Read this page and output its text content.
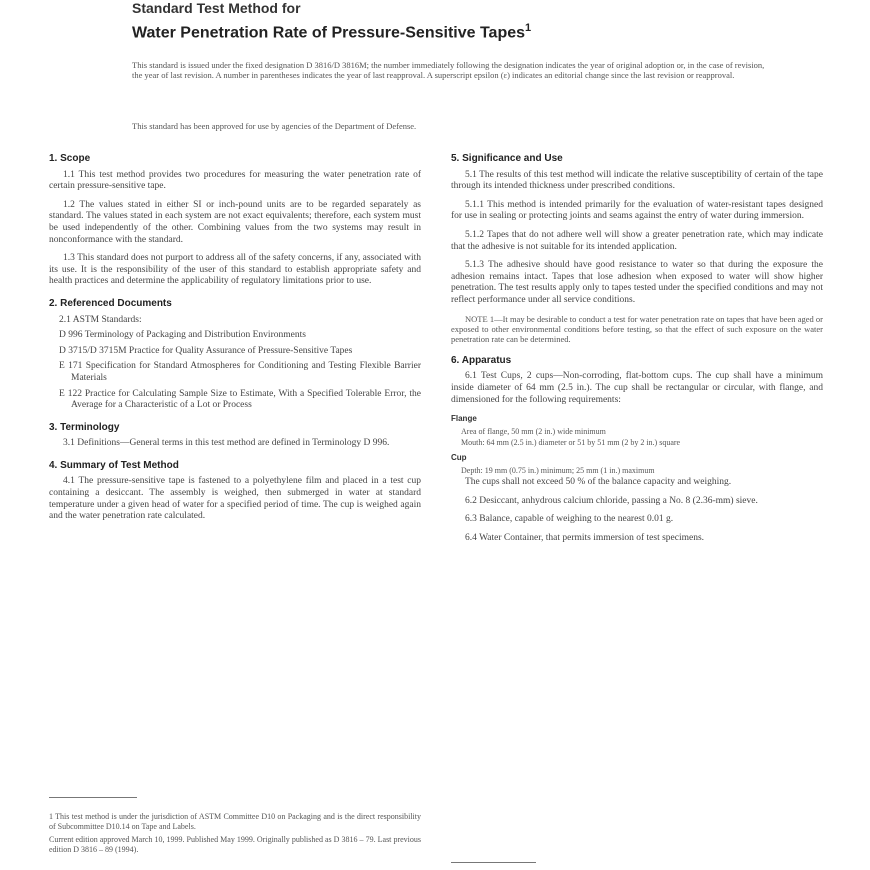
Standard Test Method for

Water Penetration Rate of Pressure-Sensitive Tapes$^1$

This standard is issued under the fixed designation D 3816/D 3816M; the number immediately following the designation indicates the year of original adoption or, in the case of revision, the year of last revision. A number in parentheses indicates the year of last reapproval. A superscript epsilon (ε) indicates an editorial change since the last revision or reapproval.

This standard has been approved for use by agencies of the Department of Defense.

1. Scope

1.1 This test method provides two procedures for measuring the water penetration rate of certain pressure-sensitive tape.

1.2 The values stated in either SI or inch-pound units are to be regarded separately as standard. The values stated in each system are not exact equivalents; therefore, each system must be used independently of the other. Combining values from the two systems may result in nonconformance with the standard.

1.3 This standard does not purport to address all of the safety concerns, if any, associated with its use. It is the responsibility of the user of this standard to establish appropriate safety and health practices and determine the applicability of regulatory limitations prior to use.

2. Referenced Documents
2.1 ASTM Standards:
D 996 Terminology of Packaging and Distribution Environments
D 3715/D 3715M Practice for Quality Assurance of Pressure-Sensitive Tapes
E 171 Specification for Standard Atmospheres for Conditioning and Testing Flexible Barrier Materials
E 122 Practice for Calculating Sample Size to Estimate, With a Specified Tolerable Error, the Average for a Characteristic of a Lot or Process
3. Terminology

3.1 Definitions—General terms in this test method are defined in Terminology D 996.

4. Summary of Test Method

4.1 The pressure-sensitive tape is fastened to a polyethylene film and placed in a test cup containing a desiccant. The assembly is weighed, then submerged in water at standard temperature under a given head of water for a specified period of time. The cup is weighed again and the water penetration rate calculated.

1 This test method is under the jurisdiction of ASTM Committee D10 on Packaging and is the direct responsibility of Subcommittee D10.14 on Tape and Labels.

Current edition approved March 10, 1999. Published May 1999. Originally published as D 3816 – 79. Last previous edition D 3816 – 89 (1994).

5. Significance and Use

5.1 The results of this test method will indicate the relative susceptibility of certain of the tape through its intended thickness under prescribed conditions.

5.1.1 This method is intended primarily for the evaluation of water-resistant tapes designed for use in sealing or protecting joints and seams against the entry of water during immersion.

5.1.2 Tapes that do not adhere well will show a greater penetration rate, which may indicate that the adhesive is not suitable for its intended application.

5.1.3 The adhesive should have good resistance to water so that during the exposure the adhesion remains intact. Tapes that lose adhesion when exposed to water will show higher penetration. The test results apply only to tapes tested under the specified conditions and may not reflect performance under all service conditions.

NOTE 1—It may be desirable to conduct a test for water penetration rate on tapes that have been aged or exposed to other environmental conditions before testing, so that the effect of such exposure on the water penetration rate can be determined.

6. Apparatus

6.1 Test Cups, 2 cups—Non-corroding, flat-bottom cups. The cup shall have a minimum inside diameter of 64 mm (2.5 in.). The cup shall be rectangular or circular, with flange, and dimensioned for the following requirements:

Flange
Area of flange, 50 mm (2 in.) wide minimum
Mouth: 64 mm (2.5 in.) diameter or 51 by 51 mm (2 by 2 in.) square
Cup
Depth: 19 mm (0.75 in.) minimum; 25 mm (1 in.) maximum

The cups shall not exceed 50 % of the balance capacity and weighing.

6.2 Desiccant, anhydrous calcium chloride, passing a No. 8 (2.36-mm) sieve.

6.3 Balance, capable of weighing to the nearest 0.01 g.

6.4 Water Container, that permits immersion of test specimens.
